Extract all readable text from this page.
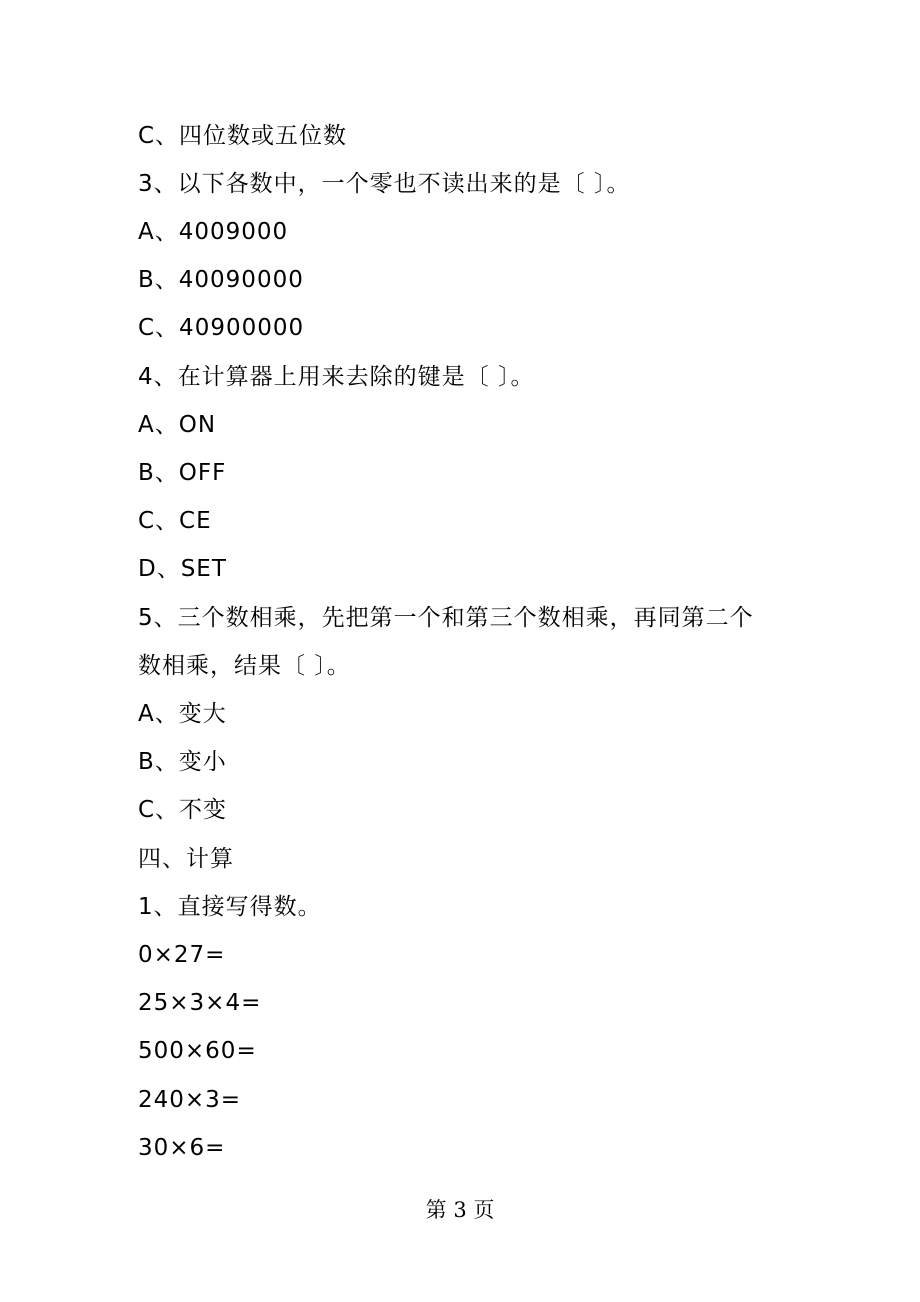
C、四位数或五位数
3、以下各数中，一个零也不读出来的是〔 〕。
A、4009000
B、40090000
C、40900000
4、在计算器上用来去除的键是〔 〕。
A、ON
B、OFF
C、CE
D、SET
5、三个数相乘，先把第一个和第三个数相乘，再同第二个
数相乘，结果〔 〕。
A、变大
B、变小
C、不变
四、计算
1、直接写得数。
0×27=
25×3×4=
500×60=
240×3=
30×6=
第 3 页
